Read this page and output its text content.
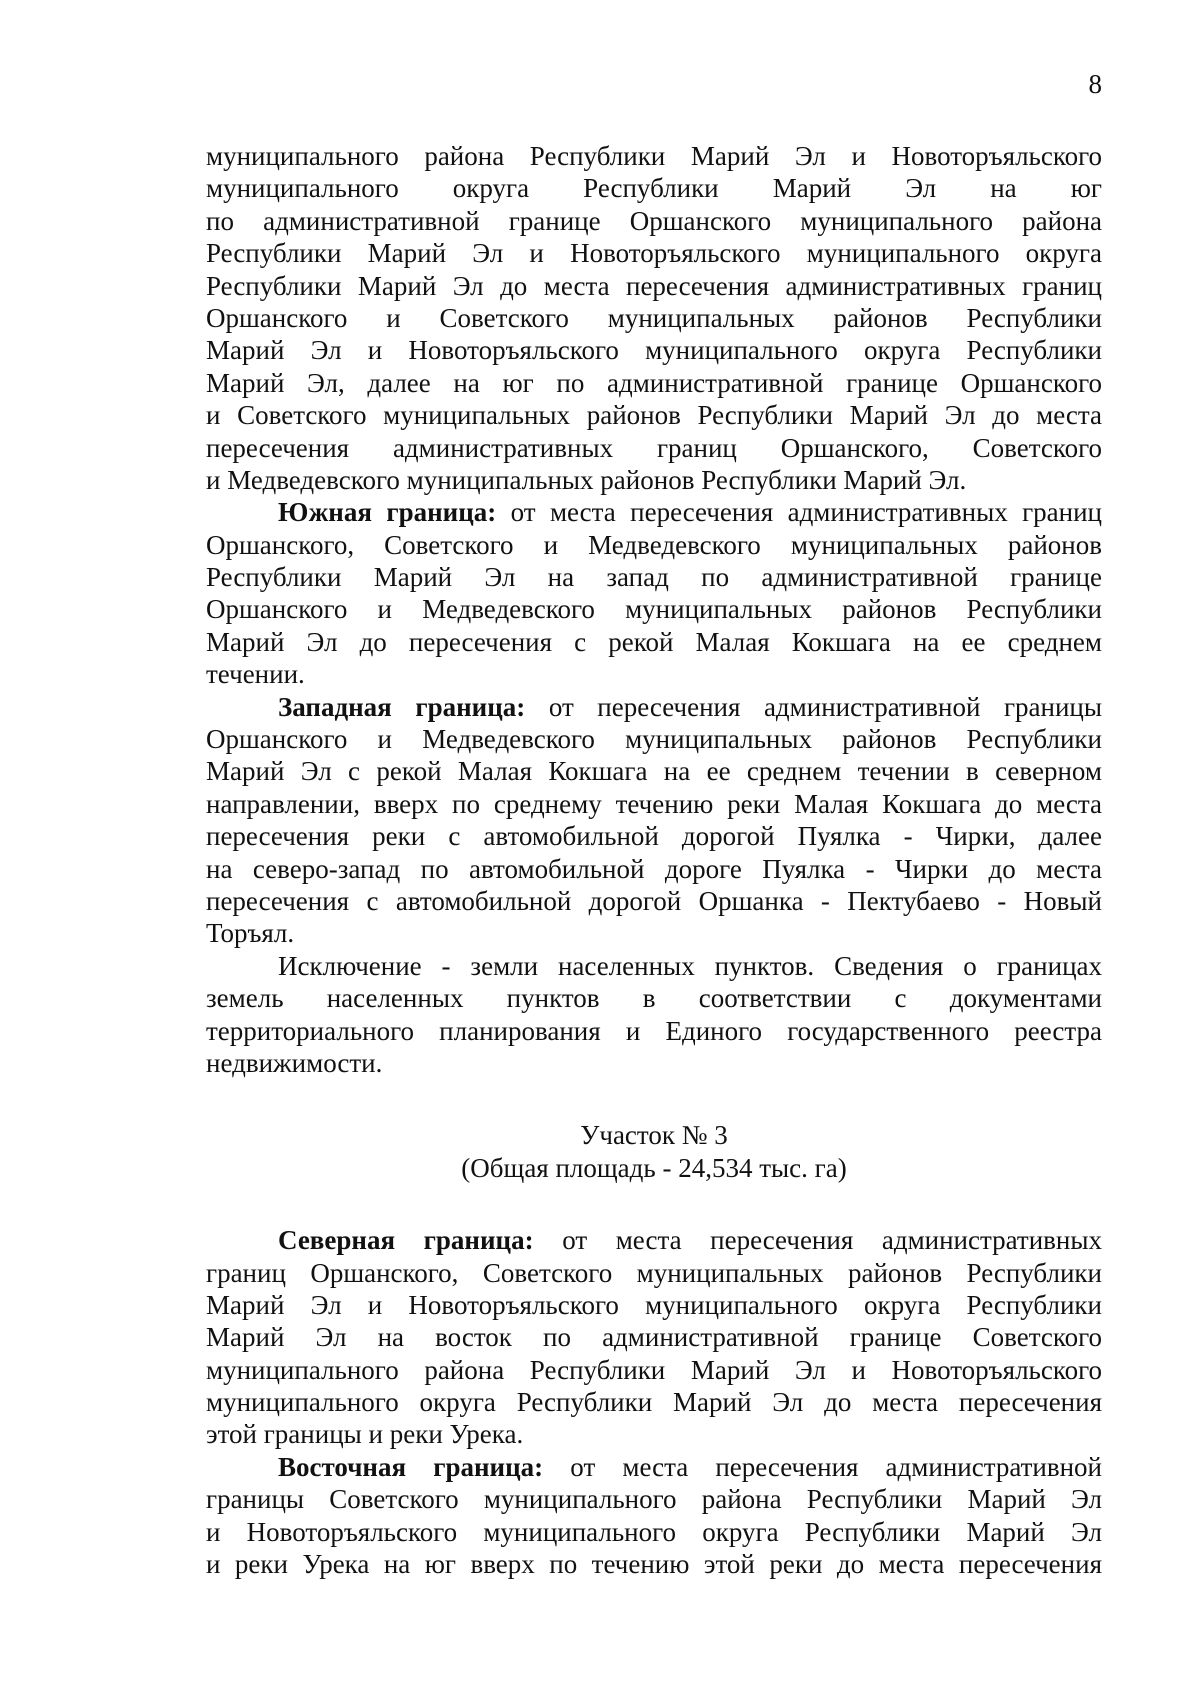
8
муниципального района Республики Марий Эл и Новоторъяльского
муниципального округа Республики Марий Эл на юг
по административной границе Оршанского муниципального района
Республики Марий Эл и Новоторъяльского муниципального округа
Республики Марий Эл до места пересечения административных границ
Оршанского и Советского муниципальных районов Республики
Марий Эл и Новоторъяльского муниципального округа Республики
Марий Эл, далее на юг по административной границе Оршанского
и Советского муниципальных районов Республики Марий Эл до места
пересечения административных границ Оршанского, Советского
и Медведевского муниципальных районов Республики Марий Эл.
Южная граница: от места пересечения административных границ
Оршанского, Советского и Медведевского муниципальных районов
Республики Марий Эл на запад по административной границе
Оршанского и Медведевского муниципальных районов Республики
Марий Эл до пересечения с рекой Малая Кокшага на ее среднем
течении.
Западная граница: от пересечения административной границы
Оршанского и Медведевского муниципальных районов Республики
Марий Эл с рекой Малая Кокшага на ее среднем течении в северном
направлении, вверх по среднему течению реки Малая Кокшага до места
пересечения реки с автомобильной дорогой Пуялка - Чирки, далее
на северо-запад по автомобильной дороге Пуялка - Чирки до места
пересечения с автомобильной дорогой Оршанка - Пектубаево - Новый
Торъял.
Исключение - земли населенных пунктов. Сведения о границах
земель населенных пунктов в соответствии с документами
территориального планирования и Единого государственного реестра
недвижимости.
Участок № 3
(Общая площадь - 24,534 тыс. га)
Северная граница: от места пересечения административных
границ Оршанского, Советского муниципальных районов Республики
Марий Эл и Новоторъяльского муниципального округа Республики
Марий Эл на восток по административной границе Советского
муниципального района Республики Марий Эл и Новоторъяльского
муниципального округа Республики Марий Эл до места пересечения
этой границы и реки Урека.
Восточная граница: от места пересечения административной
границы Советского муниципального района Республики Марий Эл
и Новоторъяльского муниципального округа Республики Марий Эл
и реки Урека на юг вверх по течению этой реки до места пересечения
